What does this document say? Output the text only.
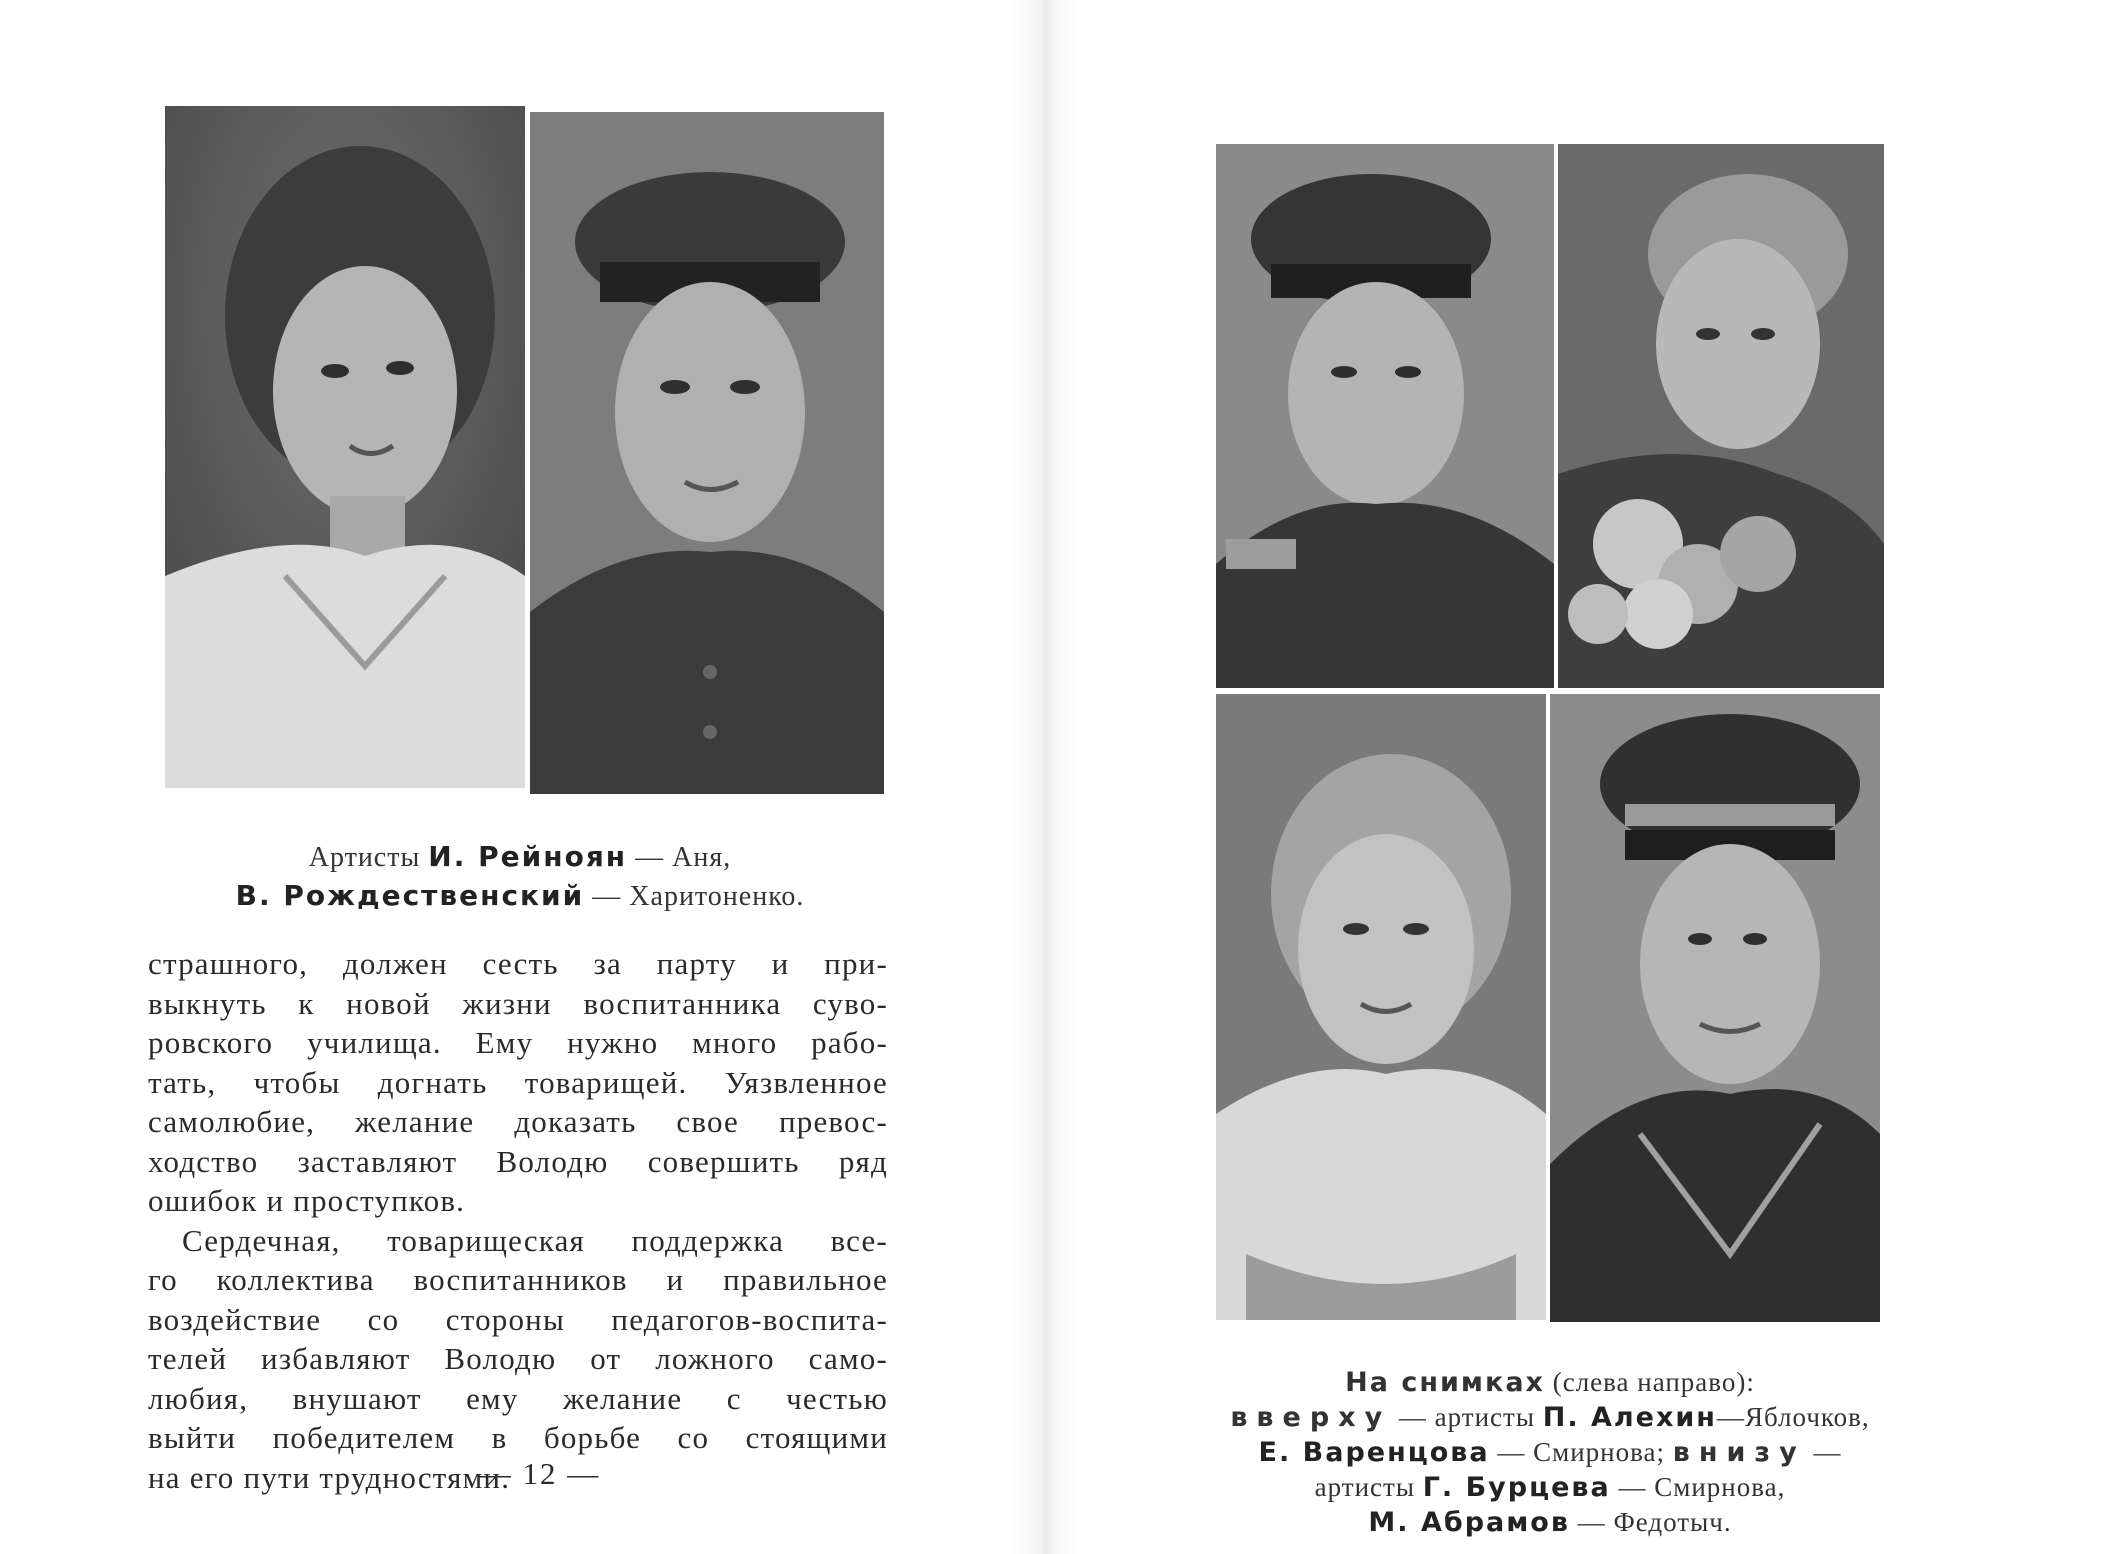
Артисты И. Рейноян — Аня,
В. Рождественский — Харитоненко.
страшного, должен сесть за парту и при-
выкнуть к новой жизни воспитанника суво-
ровского училища. Ему нужно много рабо-
тать, чтобы догнать товарищей. Уязвленное
самолюбие, желание доказать свое превос-
ходство заставляют Володю совершить ряд
ошибок и проступков.
Сердечная, товарищеская поддержка все-
го коллектива воспитанников и правильное
воздействие со стороны педагогов-воспита-
телей избавляют Володю от ложного само-
любия, внушают ему желание с честью
выйти победителем в борьбе со стоящими
на его пути трудностями.
— 12 —
На снимках (слева направо):
вверху — артисты П. Алехин—Яблочков,
Е. Варенцова — Смирнова; внизу —
артисты Г. Бурцева — Смирнова,
М. Абрамов — Федотыч.
